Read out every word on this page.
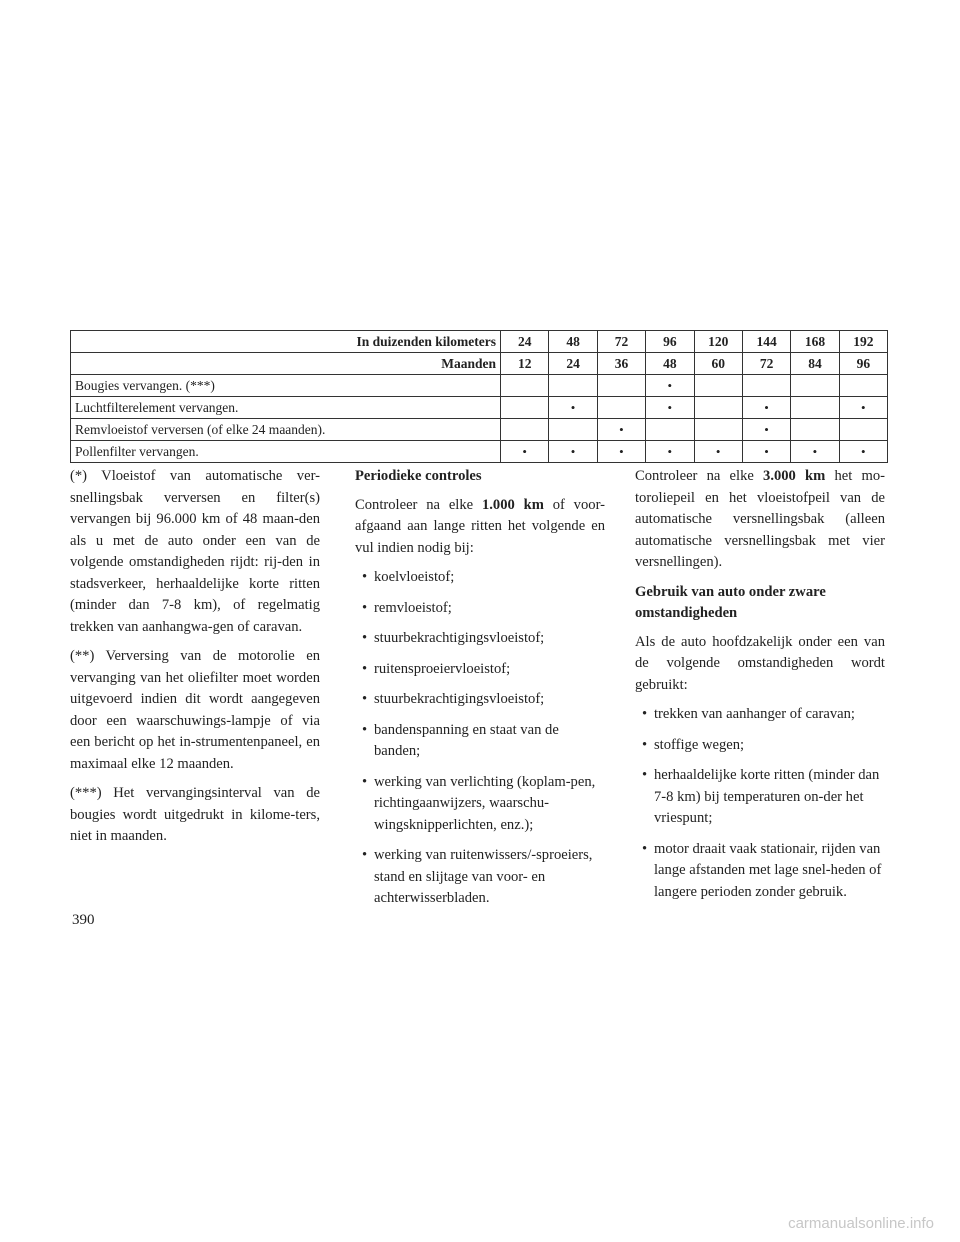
In duizenden kilometers	24	48	72	96	120	144	168	192
Maanden	12	24	36	48	60	72	84	96
Bougies vervangen. (***)				•				
Luchtfilterelement vervangen.		•		•		•		•
Remvloeistof verversen (of elke 24 maanden).			•			•		
Pollenfilter vervangen.	•	•	•	•	•	•	•	•

(*) Vloeistof van automatische ver-snellingsbak verversen en filter(s) vervangen bij 96.000 km of 48 maan-den als u met de auto onder een van de volgende omstandigheden rijdt: rij-den in stadsverkeer, herhaaldelijke korte ritten (minder dan 7-8 km), of regelmatig trekken van aanhangwa-gen of caravan.

(**) Verversing van de motorolie en vervanging van het oliefilter moet worden uitgevoerd indien dit wordt aangegeven door een waarschuwings-lampje of via een bericht op het in-strumentenpaneel, en maximaal elke 12 maanden.

(***) Het vervangingsinterval van de bougies wordt uitgedrukt in kilome-ters, niet in maanden.

Periodieke controles

Controleer na elke 1.000 km of voor-afgaand aan lange ritten het volgende en vul indien nodig bij:

• koelvloeistof;
• remvloeistof;
• stuurbekrachtigingsvloeistof;
• ruitensproeiervloeistof;
• stuurbekrachtigingsvloeistof;
• bandenspanning en staat van de banden;
• werking van verlichting (koplam-pen, richtingaanwijzers, waarschu-wingsknipperlichten, enz.);
• werking van ruitenwissers/-sproeiers, stand en slijtage van voor- en achterwisserbladen.

Controleer na elke 3.000 km het mo-toroliepeil en het vloeistofpeil van de automatische versnellingsbak (alleen automatische versnellingsbak met vier versnellingen).

Gebruik van auto onder zware omstandigheden

Als de auto hoofdzakelijk onder een van de volgende omstandigheden wordt gebruikt:

• trekken van aanhanger of caravan;
• stoffige wegen;
• herhaaldelijke korte ritten (minder dan 7-8 km) bij temperaturen on-der het vriespunt;
• motor draait vaak stationair, rijden van lange afstanden met lage snel-heden of langere perioden zonder gebruik.
390
carmanualsonline.info
